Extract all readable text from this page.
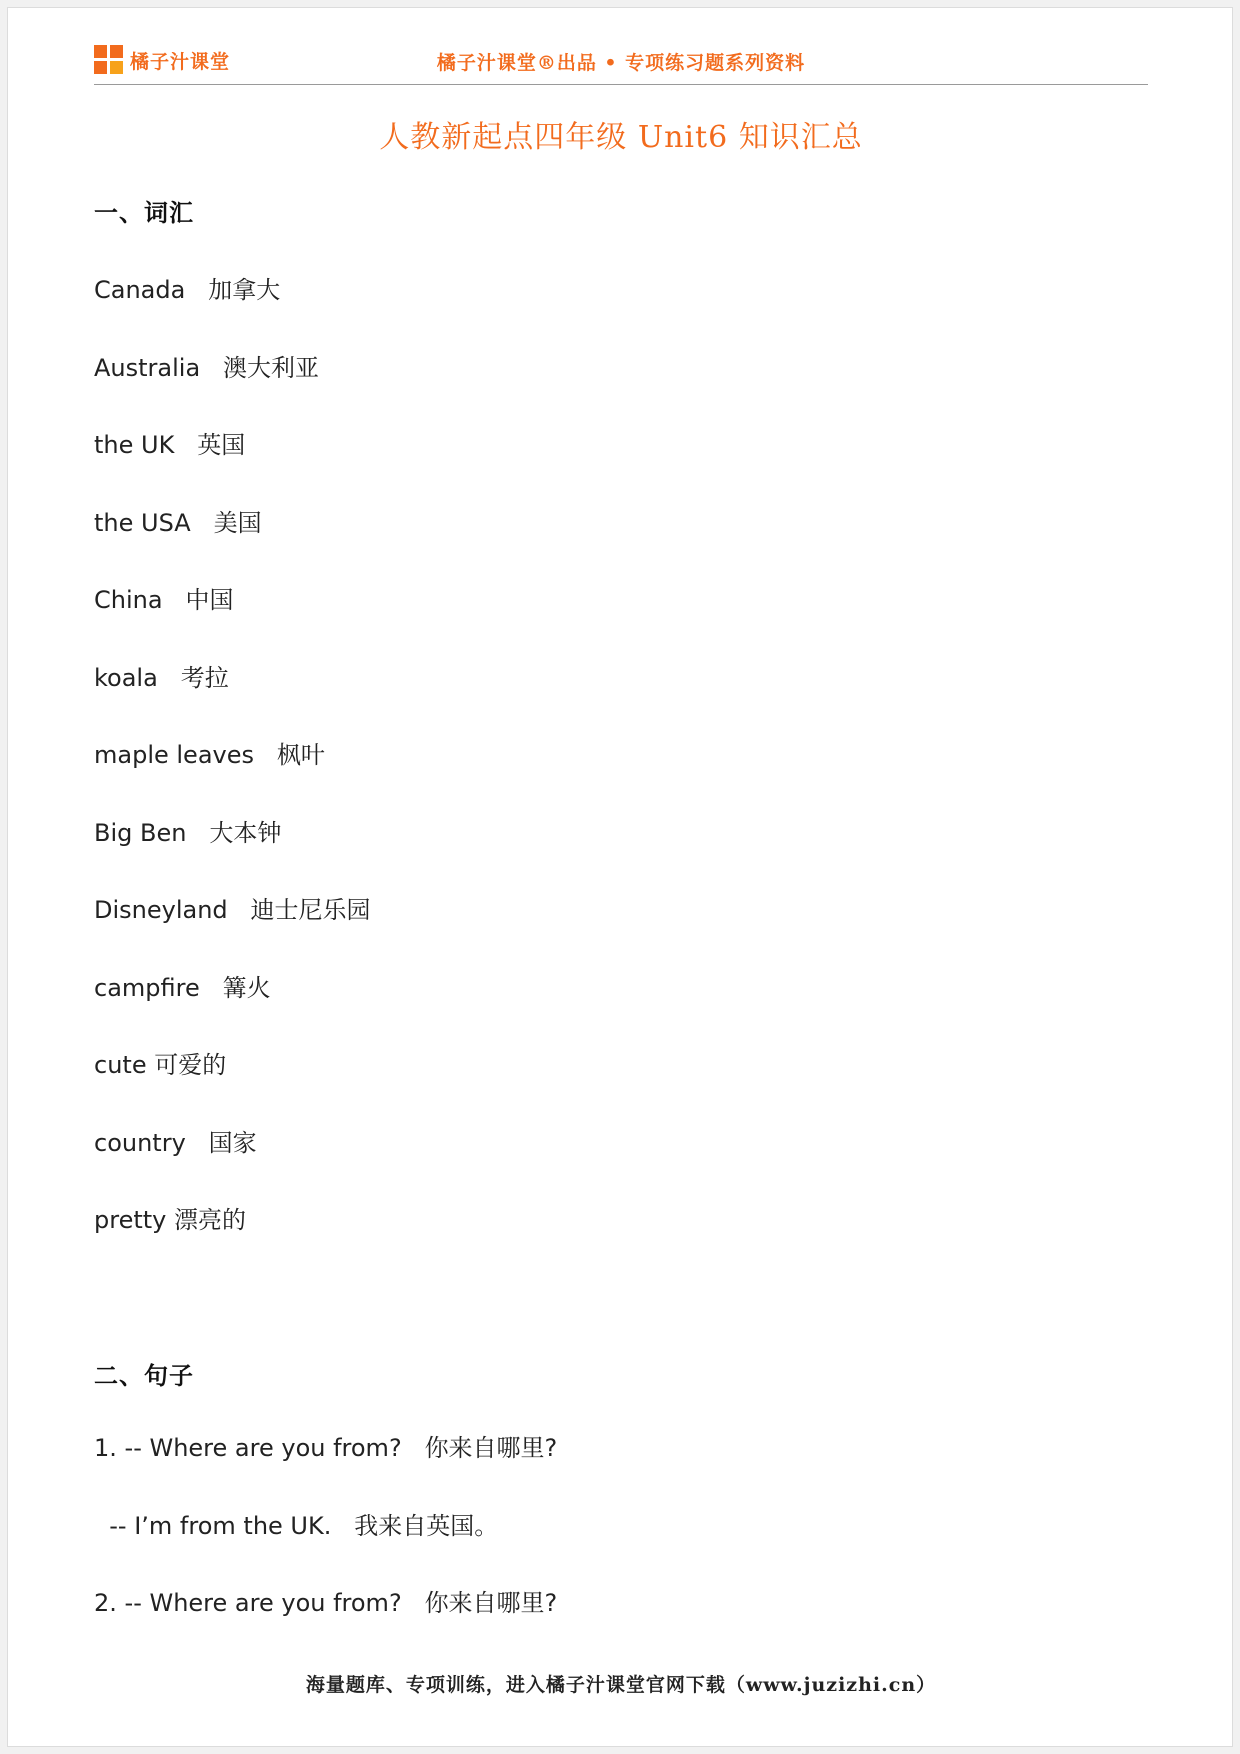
橘子汁课堂	橘子汁课堂®出品 • 专项练习题系列资料
人教新起点四年级 Unit6 知识汇总
一、词汇
Canada   加拿大
Australia   澳大利亚
the UK   英国
the USA   美国
China   中国
koala   考拉
maple leaves   枫叶
Big Ben   大本钟
Disneyland   迪士尼乐园
campfire   篝火
cute 可爱的
country   国家
pretty 漂亮的
二、句子
1. -- Where are you from?   你来自哪里?
-- I’m from the UK.   我来自英国。
2. -- Where are you from?   你来自哪里?
海量题库、专项训练，进入橘子汁课堂官网下载（www.juzizhi.cn）
